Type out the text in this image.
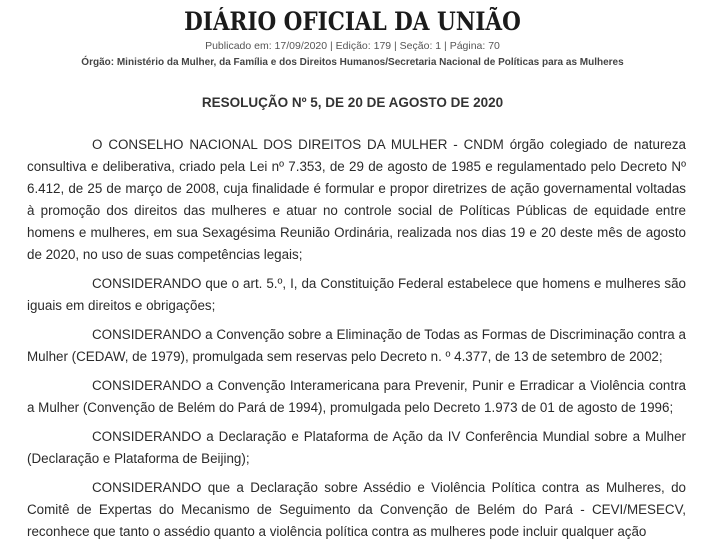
DIÁRIO OFICIAL DA UNIÃO
Publicado em: 17/09/2020 | Edição: 179 | Seção: 1 | Página: 70
Órgão: Ministério da Mulher, da Família e dos Direitos Humanos/Secretaria Nacional de Políticas para as Mulheres
RESOLUÇÃO Nº 5, DE 20 DE AGOSTO DE 2020

O CONSELHO NACIONAL DOS DIREITOS DA MULHER - CNDM órgão colegiado de natureza consultiva e deliberativa, criado pela Lei nº 7.353, de 29 de agosto de 1985 e regulamentado pelo Decreto Nº 6.412, de 25 de março de 2008, cuja finalidade é formular e propor diretrizes de ação governamental voltadas à promoção dos direitos das mulheres e atuar no controle social de Políticas Públicas de equidade entre homens e mulheres, em sua Sexagésima Reunião Ordinária, realizada nos dias 19 e 20 deste mês de agosto de 2020, no uso de suas competências legais;

CONSIDERANDO que o art. 5.º, I, da Constituição Federal estabelece que homens e mulheres são iguais em direitos e obrigações;

CONSIDERANDO a Convenção sobre a Eliminação de Todas as Formas de Discriminação contra a Mulher (CEDAW, de 1979), promulgada sem reservas pelo Decreto n. º 4.377, de 13 de setembro de 2002;

CONSIDERANDO a Convenção Interamericana para Prevenir, Punir e Erradicar a Violência contra a Mulher (Convenção de Belém do Pará de 1994), promulgada pelo Decreto 1.973 de 01 de agosto de 1996;

CONSIDERANDO a Declaração e Plataforma de Ação da IV Conferência Mundial sobre a Mulher (Declaração e Plataforma de Beijing);

CONSIDERANDO que a Declaração sobre Assédio e Violência Política contra as Mulheres, do Comitê de Expertas do Mecanismo de Seguimento da Convenção de Belém do Pará - CEVI/MESECV, reconhece que tanto o assédio quanto a violência política contra as mulheres pode incluir qualquer ação
